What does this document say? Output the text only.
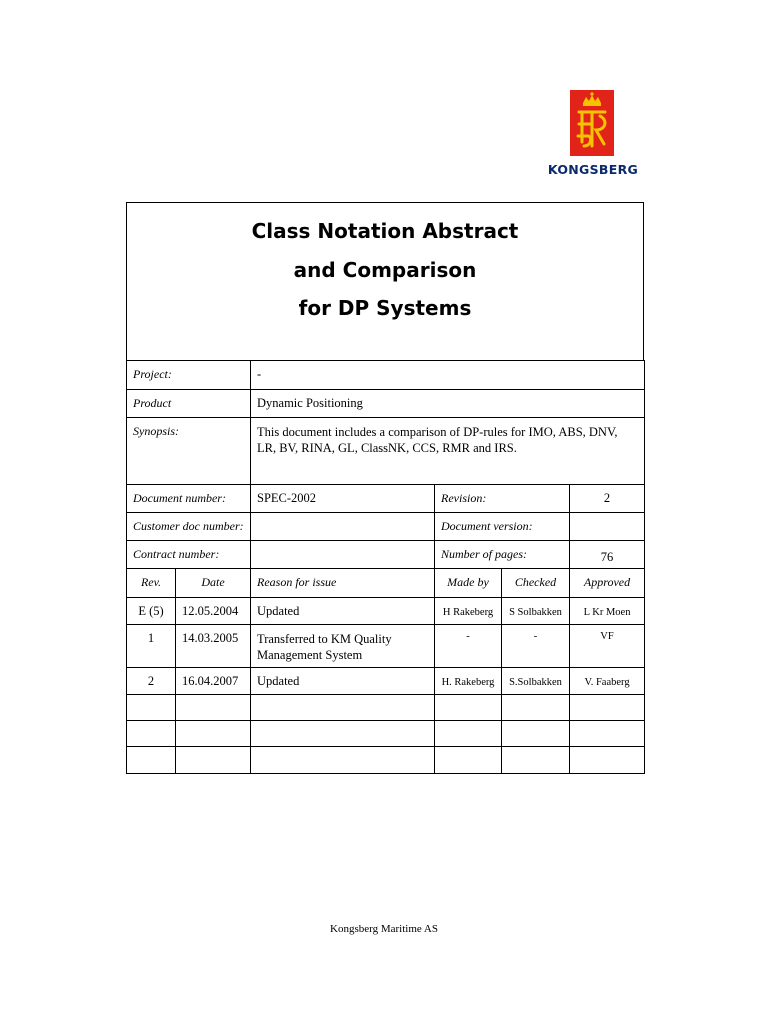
KONGSBERG
Class Notation Abstract
and Comparison
for DP Systems
Project:		-			
Product		Dynamic Positioning			
Synopsis:		This document includes a comparison of DP-rules for IMO, ABS, DNV, LR, BV, RINA, GL, ClassNK, CCS, RMR and IRS.			
Document number:		SPEC-2002	Revision:		2
Customer doc number:			Document version:		
Contract number:			Number of pages:		76
Rev.	Date	Reason for issue	Made by	Checked	Approved
E (5)	12.05.2004	Updated	H Rakeberg	S Solbakken	L Kr Moen
1	14.03.2005	Transferred to KM Quality Management System	-	-	VF
2	16.04.2007	Updated	H. Rakeberg	S.Solbakken	V. Faaberg

Kongsberg Maritime AS
